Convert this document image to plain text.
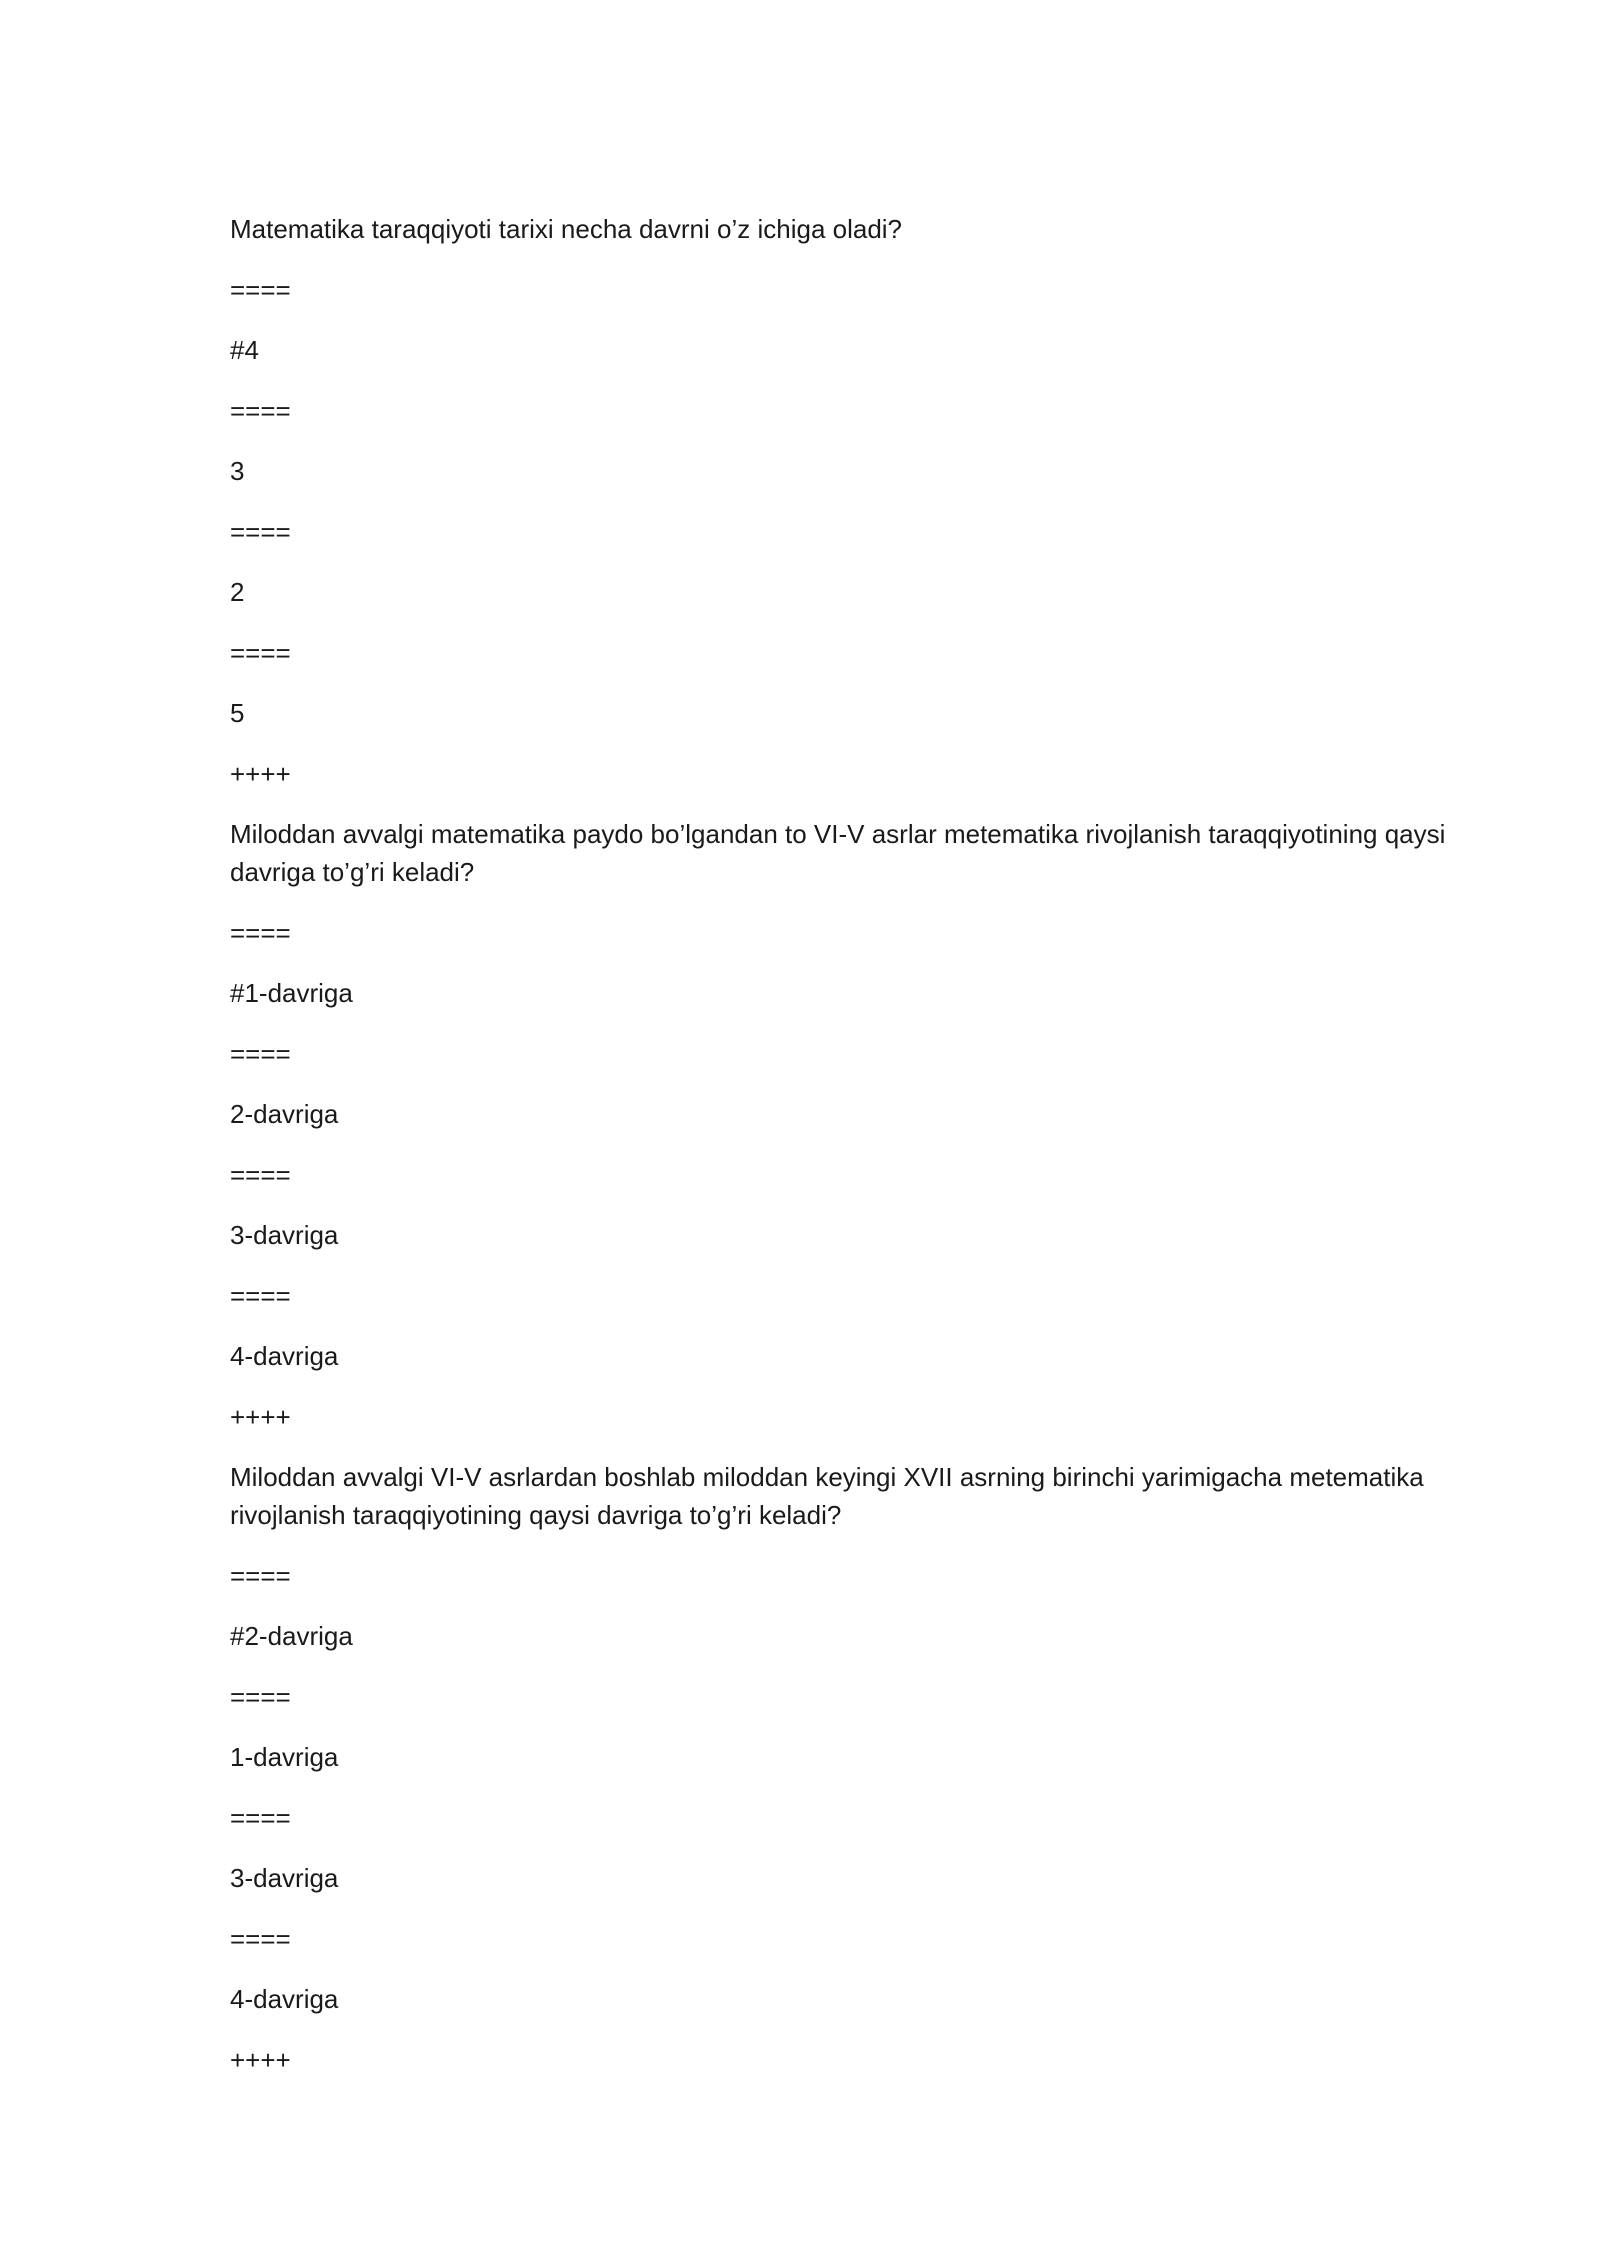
Matematika taraqqiyoti tarixi necha davrni o’z ichiga oladi?

====

#4

====

3

====

2

====

5

++++

Miloddan avvalgi matematika paydo bo’lgandan to VI-V asrlar metematika rivojlanish taraqqiyotining qaysi davriga to’g’ri keladi?

====

#1-davriga

====

2-davriga

====

3-davriga

====

4-davriga

++++

Miloddan avvalgi VI-V asrlardan boshlab miloddan keyingi XVII asrning birinchi yarimigacha metematika rivojlanish taraqqiyotining qaysi davriga to’g’ri keladi?

====

#2-davriga

====

1-davriga

====

3-davriga

====

4-davriga

++++
